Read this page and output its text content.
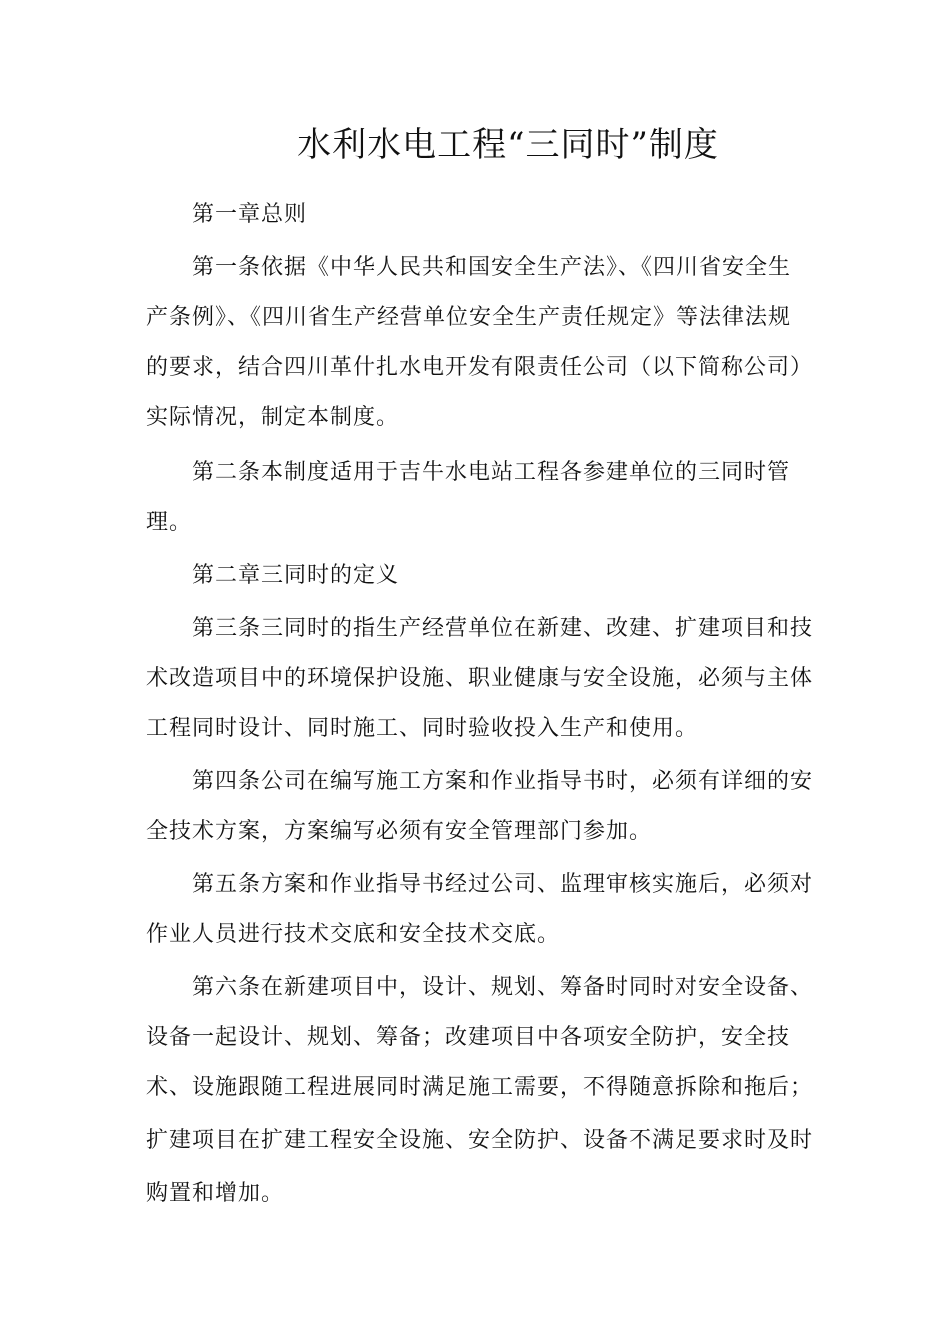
水利水电工程“三同时”制度
第一章总则
第一条依据《中华人民共和国安全生产法》、《四川省安全生
产条例》、《四川省生产经营单位安全生产责任规定》等法律法规
的要求，结合四川革什扎水电开发有限责任公司（以下简称公司）
实际情况，制定本制度。
第二条本制度适用于吉牛水电站工程各参建单位的三同时管
理。
第二章三同时的定义
第三条三同时的指生产经营单位在新建、改建、扩建项目和技
术改造项目中的环境保护设施、职业健康与安全设施，必须与主体
工程同时设计、同时施工、同时验收投入生产和使用。
第四条公司在编写施工方案和作业指导书时，必须有详细的安
全技术方案，方案编写必须有安全管理部门参加。
第五条方案和作业指导书经过公司、监理审核实施后，必须对
作业人员进行技术交底和安全技术交底。
第六条在新建项目中，设计、规划、筹备时同时对安全设备、
设备一起设计、规划、筹备；改建项目中各项安全防护，安全技
术、设施跟随工程进展同时满足施工需要，不得随意拆除和拖后；
扩建项目在扩建工程安全设施、安全防护、设备不满足要求时及时
购置和增加。
